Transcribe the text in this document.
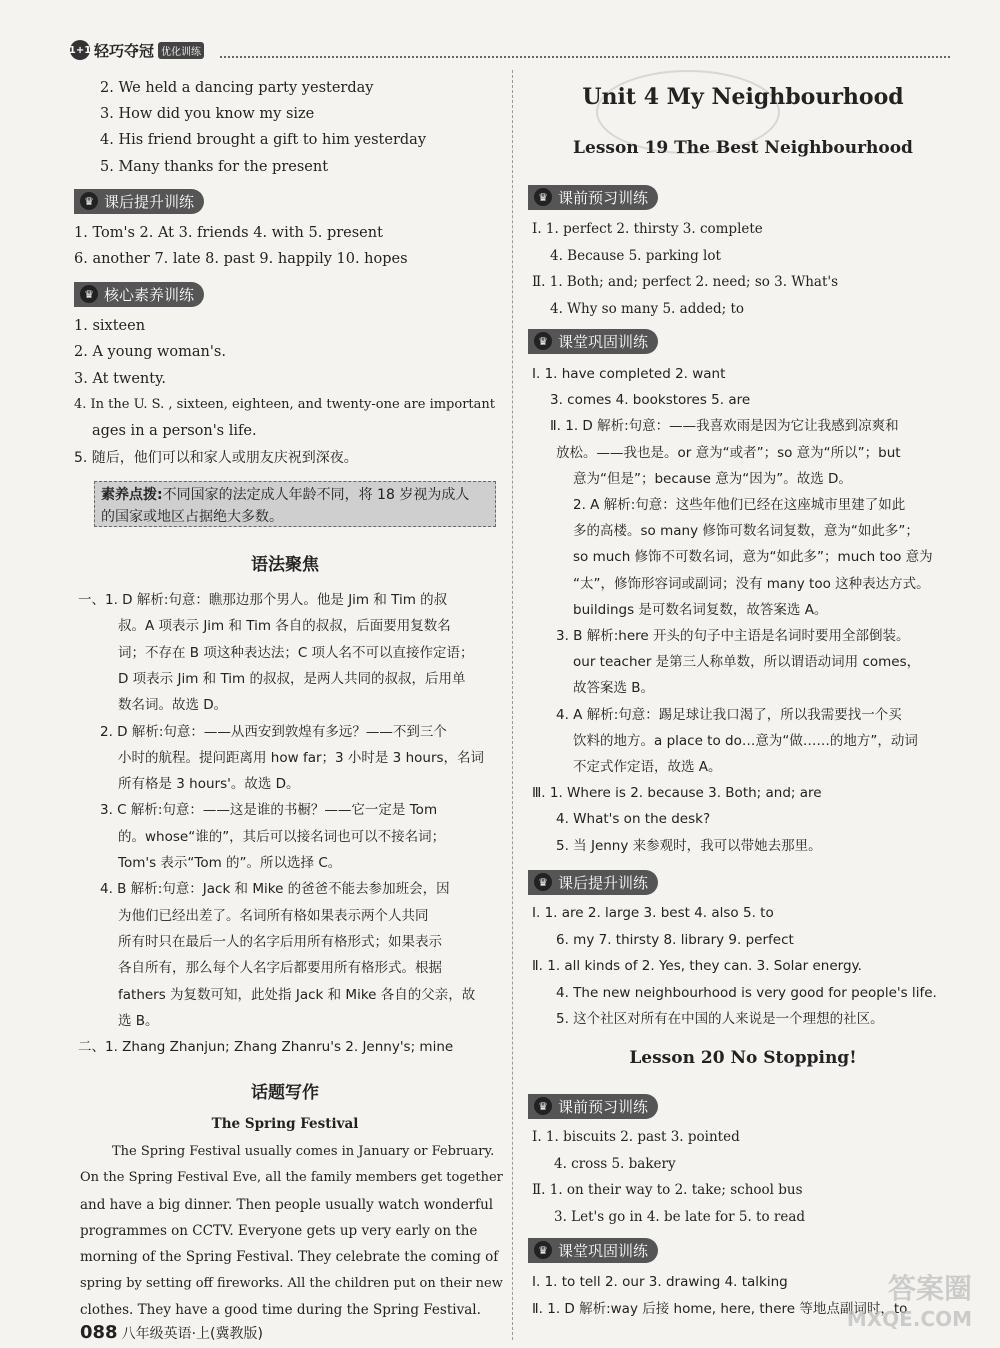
1+1 轻巧夺冠 优化训练
2. We held a dancing party yesterday
3. How did you know my size
4. His friend brought a gift to him yesterday
5. Many thanks for the present
♛ 课后提升训练
1. Tom's 2. At 3. friends 4. with 5. present
6. another 7. late 8. past 9. happily 10. hopes
♛ 核心素养训练
1. sixteen
2. A young woman's.
3. At twenty.
4. In the U. S. , sixteen, eighteen, and twenty-one are important
ages in a person's life.
5. 随后，他们可以和家人或朋友庆祝到深夜。
素养点拨:不同国家的法定成人年龄不同，将 18 岁视为成人
的国家或地区占据绝大多数。
语法聚焦
一、1. D 解析:句意：瞧那边那个男人。他是 Jim 和 Tim 的叔
叔。A 项表示 Jim 和 Tim 各自的叔叔，后面要用复数名
词；不存在 B 项这种表达法；C 项人名不可以直接作定语；
D 项表示 Jim 和 Tim 的叔叔，是两人共同的叔叔，后用单
数名词。故选 D。
2. D 解析:句意：——从西安到敦煌有多远？——不到三个
小时的航程。提问距离用 how far；3 小时是 3 hours，名词
所有格是 3 hours'。故选 D。
3. C 解析:句意：——这是谁的书橱？——它一定是 Tom
的。whose“谁的”，其后可以接名词也可以不接名词；
Tom's 表示“Tom 的”。所以选择 C。
4. B 解析:句意：Jack 和 Mike 的爸爸不能去参加班会，因
为他们已经出差了。名词所有格如果表示两个人共同
所有时只在最后一人的名字后用所有格形式；如果表示
各自所有，那么每个人名字后都要用所有格形式。根据
fathers 为复数可知，此处指 Jack 和 Mike 各自的父亲，故
选 B。
二、1. Zhang Zhanjun; Zhang Zhanru's 2. Jenny's; mine
话题写作
The Spring Festival
The Spring Festival usually comes in January or February.
On the Spring Festival Eve, all the family members get together
and have a big dinner. Then people usually watch wonderful
programmes on CCTV. Everyone gets up very early on the
morning of the Spring Festival. They celebrate the coming of
spring by setting off fireworks. All the children put on their new
clothes. They have a good time during the Spring Festival.
Unit 4 My Neighbourhood
Lesson 19 The Best Neighbourhood
♛ 课前预习训练
Ⅰ. 1. perfect 2. thirsty 3. complete
4. Because 5. parking lot
Ⅱ. 1. Both; and; perfect 2. need; so 3. What's
4. Why so many 5. added; to
♛ 课堂巩固训练
Ⅰ. 1. have completed 2. want
3. comes 4. bookstores 5. are
Ⅱ. 1. D 解析:句意：——我喜欢雨是因为它让我感到凉爽和
放松。——我也是。or 意为“或者”；so 意为“所以”；but
意为“但是”；because 意为“因为”。故选 D。
2. A 解析:句意：这些年他们已经在这座城市里建了如此
多的高楼。so many 修饰可数名词复数，意为“如此多”；
so much 修饰不可数名词，意为“如此多”；much too 意为
“太”，修饰形容词或副词；没有 many too 这种表达方式。
buildings 是可数名词复数，故答案选 A。
3. B 解析:here 开头的句子中主语是名词时要用全部倒装。
our teacher 是第三人称单数，所以谓语动词用 comes，
故答案选 B。
4. A 解析:句意：踢足球让我口渴了，所以我需要找一个买
饮料的地方。a place to do…意为“做……的地方”，动词
不定式作定语，故选 A。
Ⅲ. 1. Where is 2. because 3. Both; and; are
4. What's on the desk?
5. 当 Jenny 来参观时，我可以带她去那里。
♛ 课后提升训练
Ⅰ. 1. are 2. large 3. best 4. also 5. to
6. my 7. thirsty 8. library 9. perfect
Ⅱ. 1. all kinds of 2. Yes, they can. 3. Solar energy.
4. The new neighbourhood is very good for people's life.
5. 这个社区对所有在中国的人来说是一个理想的社区。
Lesson 20 No Stopping!
♛ 课前预习训练
Ⅰ. 1. biscuits 2. past 3. pointed
4. cross 5. bakery
Ⅱ. 1. on their way to 2. take; school bus
3. Let's go in 4. be late for 5. to read
♛ 课堂巩固训练
Ⅰ. 1. to tell 2. our 3. drawing 4. talking
Ⅱ. 1. D 解析:way 后接 home, here, there 等地点副词时，to
答案圈
MXQE.COM
088 八年级英语·上(冀教版)
